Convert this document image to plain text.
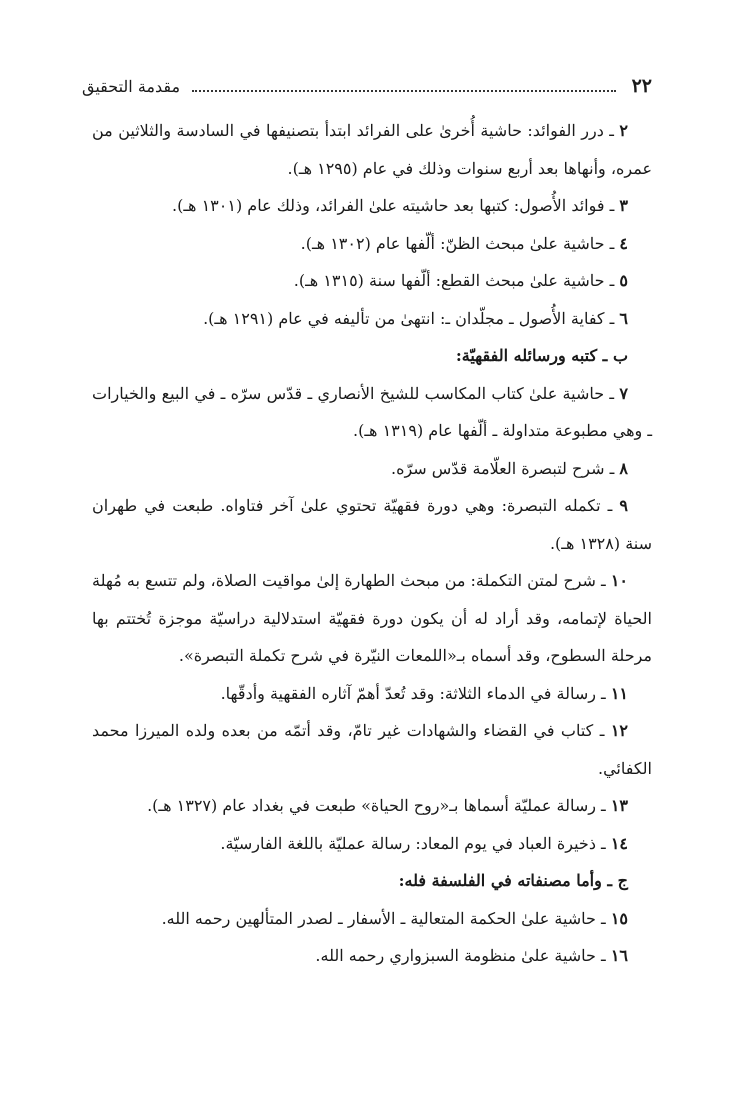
٢٢
مقدمة التحقيق

٢ ـ درر الفوائد: حاشية أُخرىٰ على الفرائد ابتدأ بتصنيفها في السادسة والثلاثين من عمره، وأنهاها بعد أربع سنوات وذلك في عام (١٢٩٥ هـ).

٣ ـ فوائد الأُصول: كتبها بعد حاشيته علىٰ الفرائد، وذلك عام (١٣٠١ هـ).

٤ ـ حاشية علىٰ مبحث الظنّ: ألّفها عام (١٣٠٢ هـ).

٥ ـ حاشية علىٰ مبحث القطع: ألّفها سنة (١٣١٥ هـ).

٦ ـ كفاية الأُصول ـ مجلّدان ـ: انتهىٰ من تأليفه في عام (١٢٩١ هـ).

ب ـ كتبه ورسائله الفقهيّة:

٧ ـ حاشية علىٰ كتاب المكاسب للشيخ الأنصاري ـ قدّس سرّه ـ في البيع والخيارات ـ وهي مطبوعة متداولة ـ ألّفها عام (١٣١٩ هـ).

٨ ـ شرح لتبصرة العلّامة قدّس سرّه.

٩ ـ تكمله التبصرة: وهي دورة فقهيّة تحتوي علىٰ آخر فتاواه. طبعت في طهران سنة (١٣٢٨ هـ).

١٠ ـ شرح لمتن التكملة: من مبحث الطهارة إلىٰ مواقيت الصلاة، ولم تتسع به مُهلة الحياة لإتمامه، وقد أراد له أن يكون دورة فقهيّة استدلالية دراسيّة موجزة تُختتم بها مرحلة السطوح، وقد أسماه بـ«اللمعات النيّرة في شرح تكملة التبصرة».

١١ ـ رسالة في الدماء الثلاثة: وقد تُعدّ أهمّ آثاره الفقهية وأدقّها.

١٢ ـ كتاب في القضاء والشهادات غير تامّ، وقد أتمّه من بعده ولده الميرزا محمد الكفائي.

١٣ ـ رسالة عمليّة أسماها بـ«روح الحياة» طبعت في بغداد عام (١٣٢٧ هـ).

١٤ ـ ذخيرة العباد في يوم المعاد: رسالة عمليّة باللغة الفارسيّة.

ج ـ وأما مصنفاته في الفلسفة فله:

١٥ ـ حاشية علىٰ الحكمة المتعالية ـ الأسفار ـ لصدر المتألهين رحمه الله.

١٦ ـ حاشية علىٰ منظومة السبزواري رحمه الله.
